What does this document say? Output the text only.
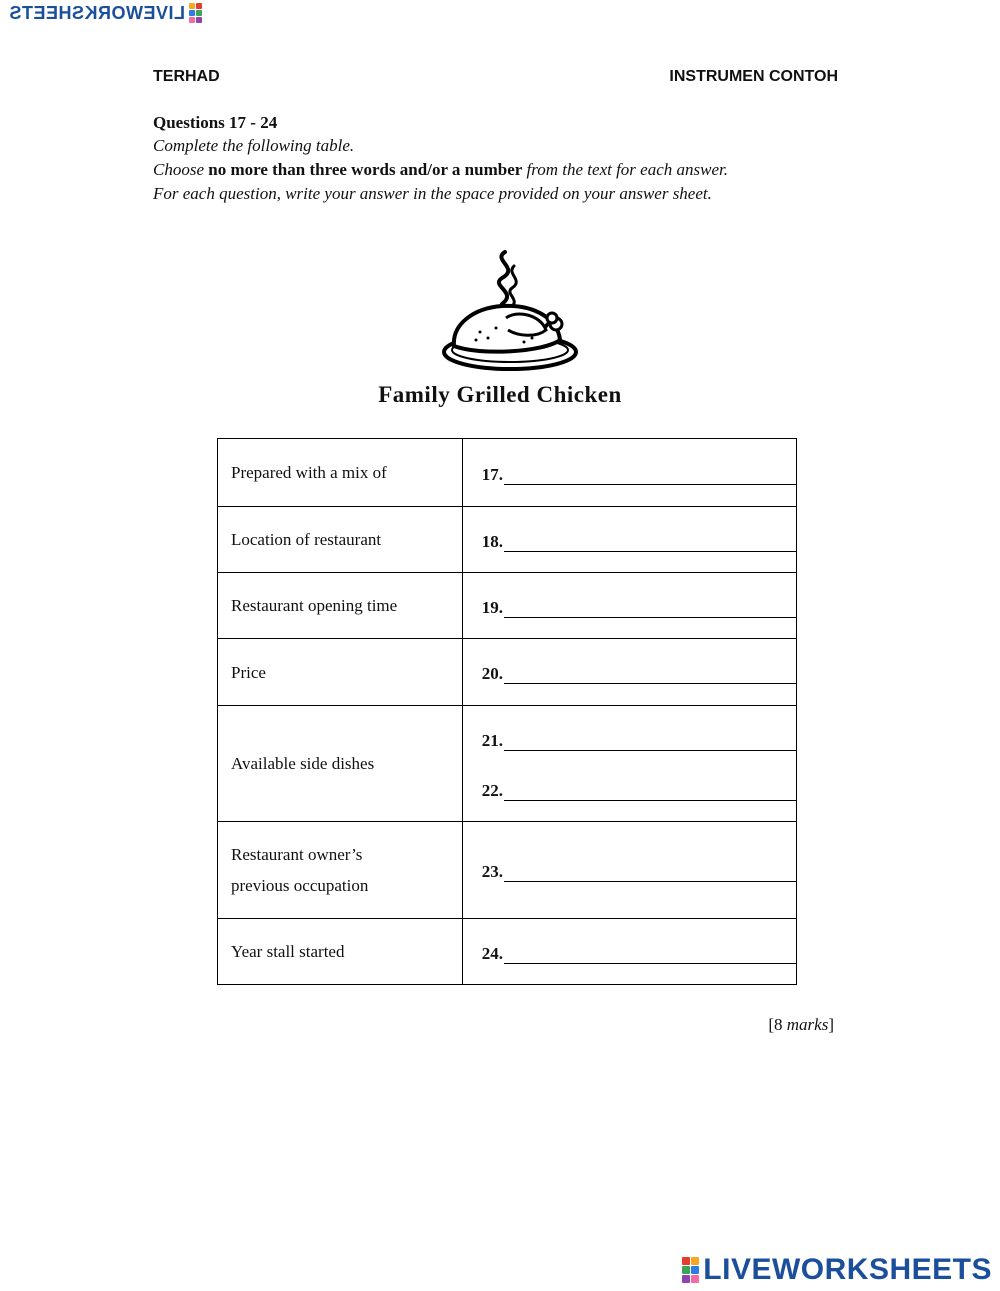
LIVEWORKSHEETS
TERHAD	INSTRUMEN CONTOH
Questions 17 - 24
Complete the following table.
Choose no more than three words and/or a number from the text for each answer.
For each question, write your answer in the space provided on your answer sheet.
Family Grilled Chicken
Prepared with a mix of	17.

Location of restaurant	18.

Restaurant opening time	19.

Price	20.

Available side dishes	21.
22.

Restaurant owner’s
previous occupation	23.

Year stall started	24.
[8 marks]
LIVEWORKSHEETS
